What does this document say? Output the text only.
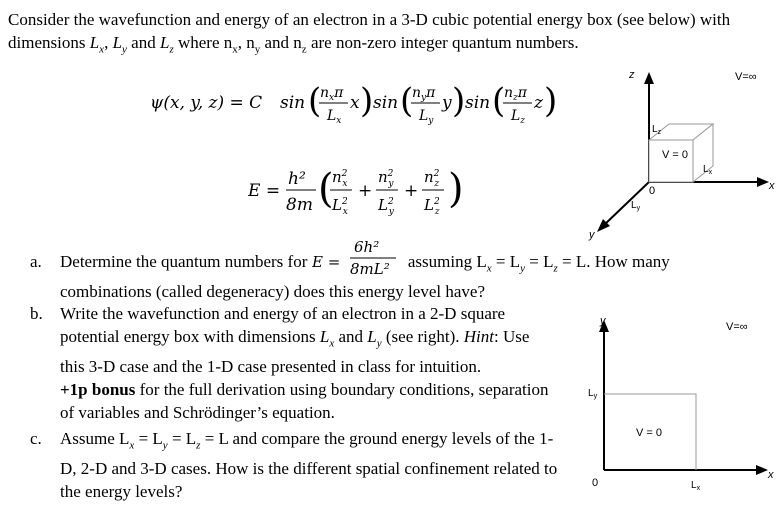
Consider the wavefunction and energy of an electron in a 3-D cubic potential energy box (see below) with dimensions $L_x$, $L_y$ and $L_z$ where $n_x$, $n_y$ and $n_z$ are non-zero integer quantum numbers.
ψ(x, y, z) = C sin (
$n_x\pi$
$L_x$
x ) sin (
$n_y\pi$
$L_y$
y ) sin (
$n_z\pi$
$L_z$
z )
E =
h²
8m (
$n^2$ x
$L^2$ x
+
$n^2$ y
$L^2$ y
+
$n^2$ z
$L^2$ z )
z
x
y
V=∞
V = 0
0
$L_z$
$L_x$
$L_y$
a. Determine the quantum numbers for E =
6h²
8mL² assuming $L_x = L_y = L_z = L$. How many combinations (called degeneracy) does this energy level have?
b. Write the wavefunction and energy of an electron in a 2-D square potential energy box with dimensions $L_x$ and $L_y$ (see right). Hint: Use this 3-D case and the 1-D case presented in class for intuition.
+1p bonus for the full derivation using boundary conditions, separation of variables and Schrödinger’s equation.
c. Assume $L_x = L_y = L_z = L$ and compare the ground energy levels of the 1-D, 2-D and 3-D cases. How is the different spatial confinement related to the energy levels?
y
x
V=∞
V = 0
0
$L_y$
$L_x$
